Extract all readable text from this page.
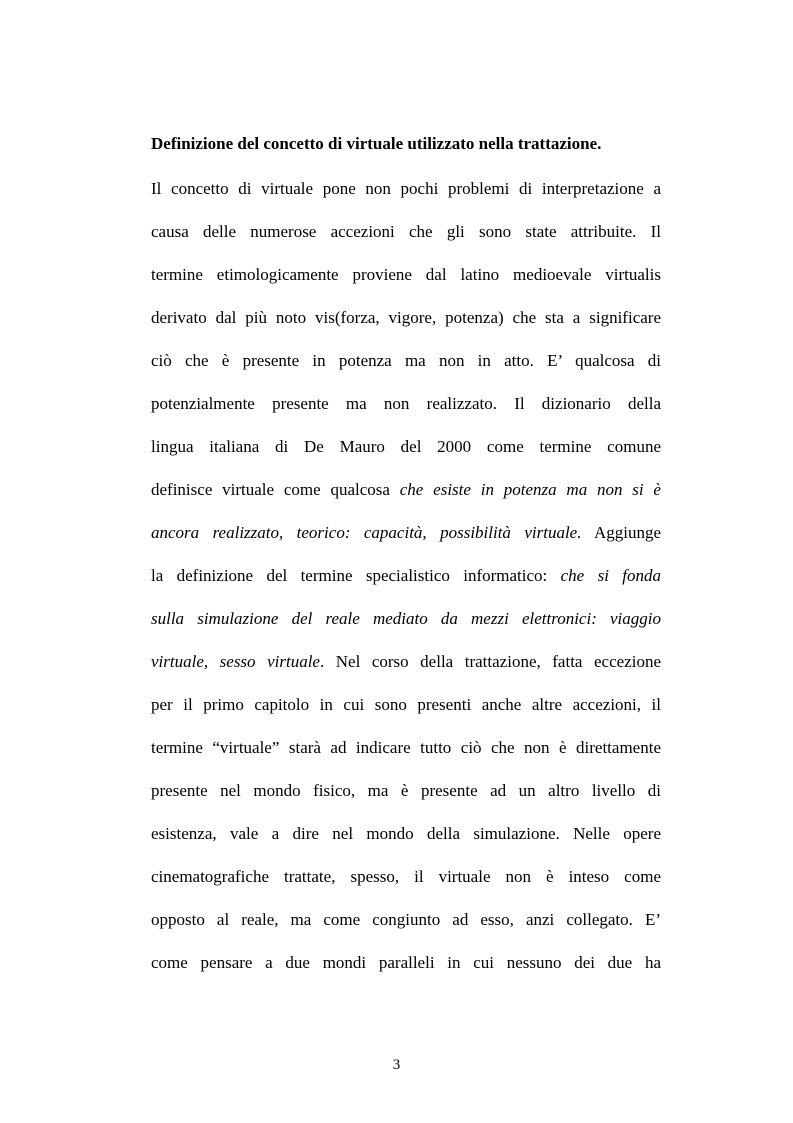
Definizione del concetto di virtuale utilizzato nella trattazione.
Il concetto di virtuale pone non pochi problemi di interpretazione a
causa delle numerose accezioni che gli sono state attribuite. Il
termine etimologicamente proviene dal latino medioevale virtualis
derivato dal più noto vis(forza, vigore, potenza) che sta a significare
ciò che è presente in potenza ma non in atto. E’ qualcosa di
potenzialmente presente ma non realizzato. Il dizionario della
lingua italiana di De Mauro del 2000 come termine comune
definisce virtuale come qualcosa che esiste in potenza ma non si è
ancora realizzato, teorico: capacità, possibilità virtuale. Aggiunge
la definizione del termine specialistico informatico: che si fonda
sulla simulazione del reale mediato da mezzi elettronici: viaggio
virtuale, sesso virtuale. Nel corso della trattazione, fatta eccezione
per il primo capitolo in cui sono presenti anche altre accezioni, il
termine “virtuale” starà ad indicare tutto ciò che non è direttamente
presente nel mondo fisico, ma è presente ad un altro livello di
esistenza, vale a dire nel mondo della simulazione. Nelle opere
cinematografiche trattate, spesso, il virtuale non è inteso come
opposto al reale, ma come congiunto ad esso, anzi collegato. E’
come pensare a due mondi paralleli in cui nessuno dei due ha
3
